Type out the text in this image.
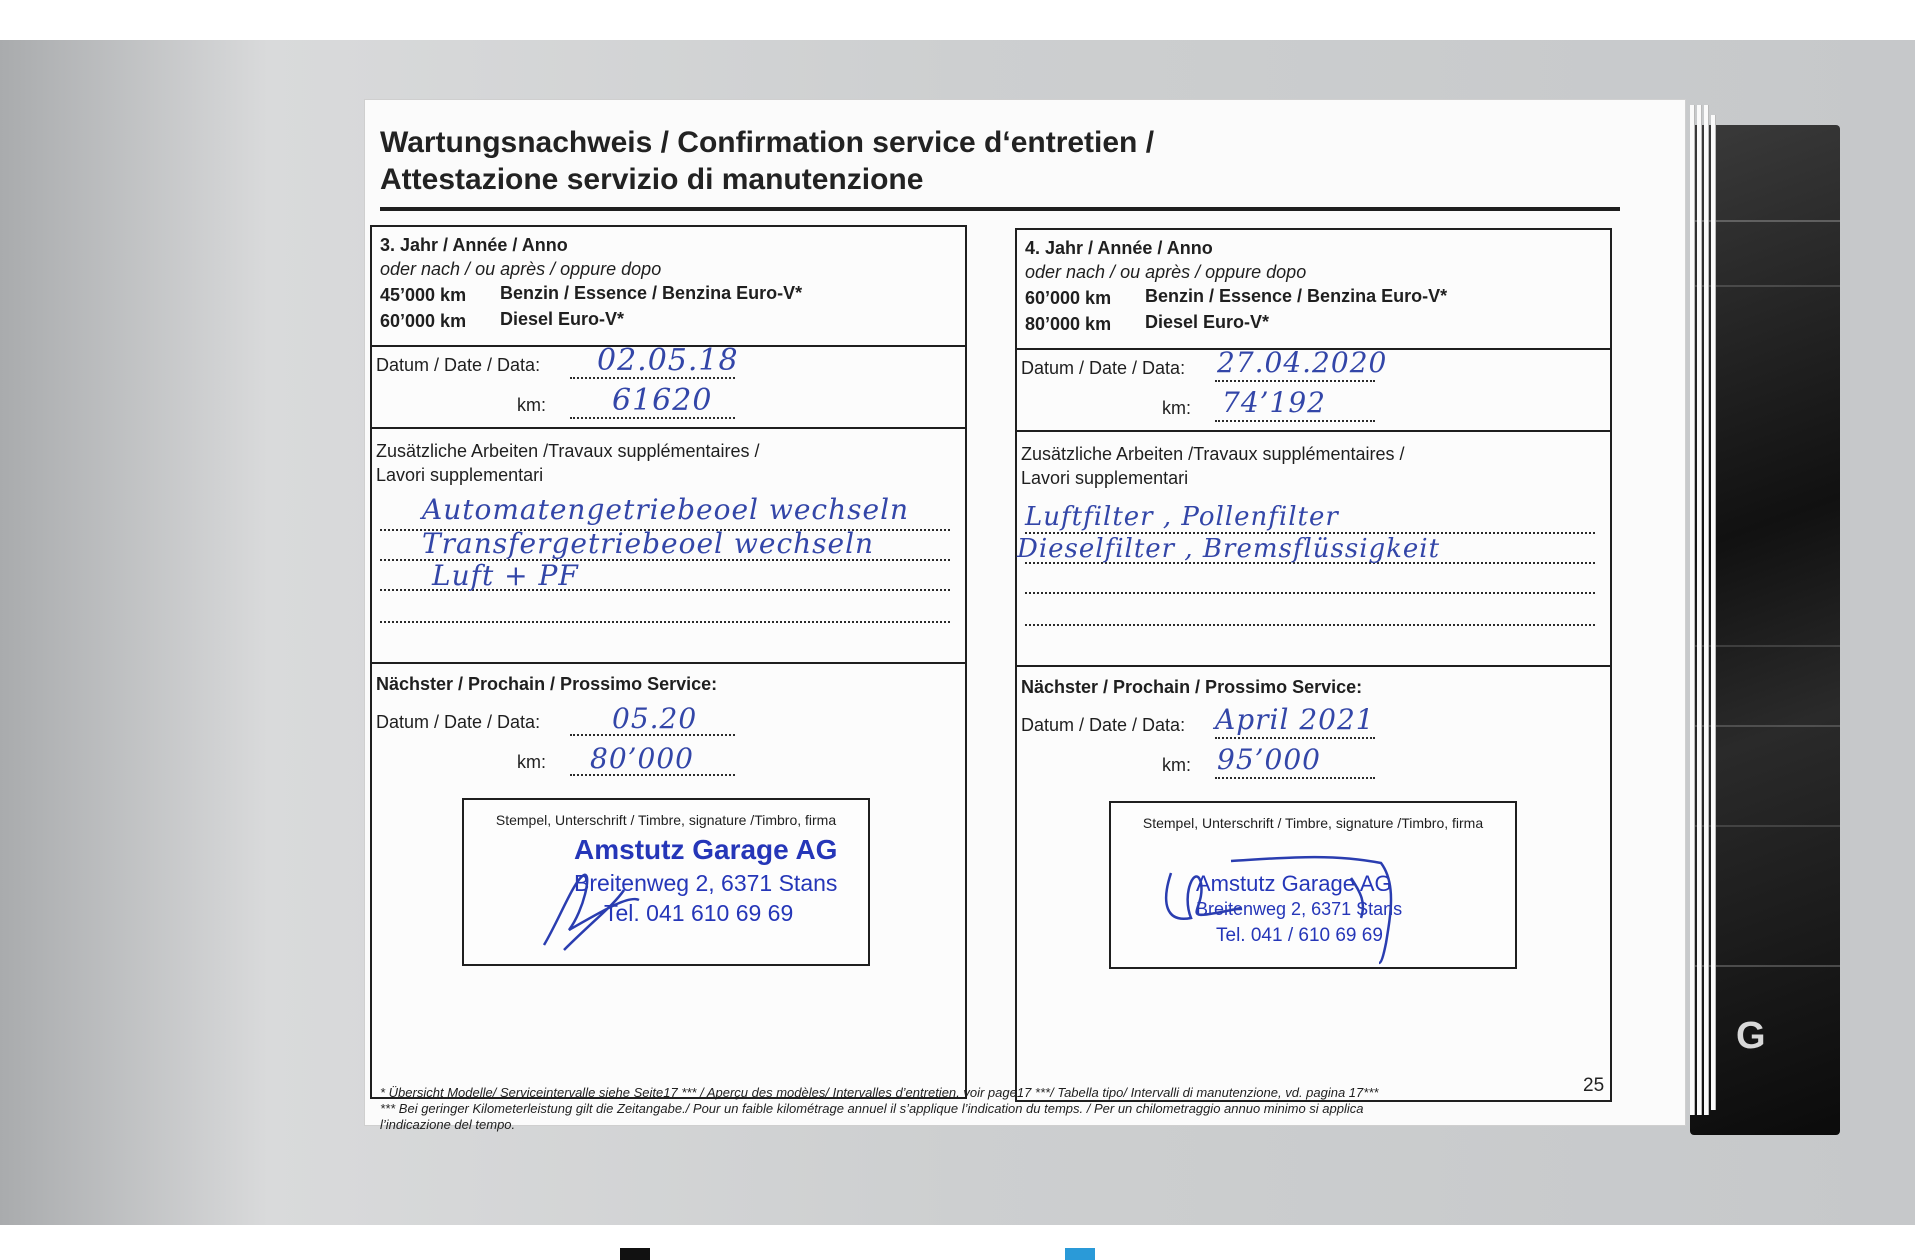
G
Wartungsnachweis / Confirmation service d‘entretien /
Attestazione servizio di manutenzione
3. Jahr / Année / Anno
oder nach / ou après / oppure dopo
45’000 km Benzin / Essence / Benzina Euro-V*
60’000 km Diesel Euro-V*
Datum / Date / Data: 02.05.18
km: 61620
Zusätzliche Arbeiten /Travaux supplémentaires /
Lavori supplementari
Automatengetriebeoel wechseln
Transfergetriebeoel wechseln
Luft + PF
Nächster / Prochain / Prossimo Service:
Datum / Date / Data:	05.20
km: 80’000
Stempel, Unterschrift / Timbre, signature /Timbro, firma
Amstutz Garage AG
Breitenweg 2, 6371 Stans
Tel. 041 610 69 69
4. Jahr / Année / Anno
oder nach / ou après / oppure dopo
60’000 km Benzin / Essence / Benzina Euro-V*
80’000 km Diesel Euro-V*
Datum / Date / Data: 27.04.2020
km: 74’192
Zusätzliche Arbeiten /Travaux supplémentaires /
Lavori supplementari
Luftfilter , Pollenfilter
Dieselfilter , Bremsflüssigkeit
Nächster / Prochain / Prossimo Service:
Datum / Date / Data: April 2021
km: 95’000
Stempel, Unterschrift / Timbre, signature /Timbro, firma
Amstutz Garage AG
Breitenweg 2, 6371 Stans
Tel. 041 / 610 69 69
* Übersicht Modelle/ Serviceintervalle siehe Seite17 *** / Aperçu des modèles/ Intervalles d’entretien, voir page17 ***/ Tabella tipo/ Intervalli di manutenzione, vd. pagina 17***
*** Bei geringer Kilometerleistung gilt die Zeitangabe./ Pour un faible kilométrage annuel il s’applique l’indication du temps. / Per un chilometraggio annuo minimo si applica
l’indicazione del tempo.
25
